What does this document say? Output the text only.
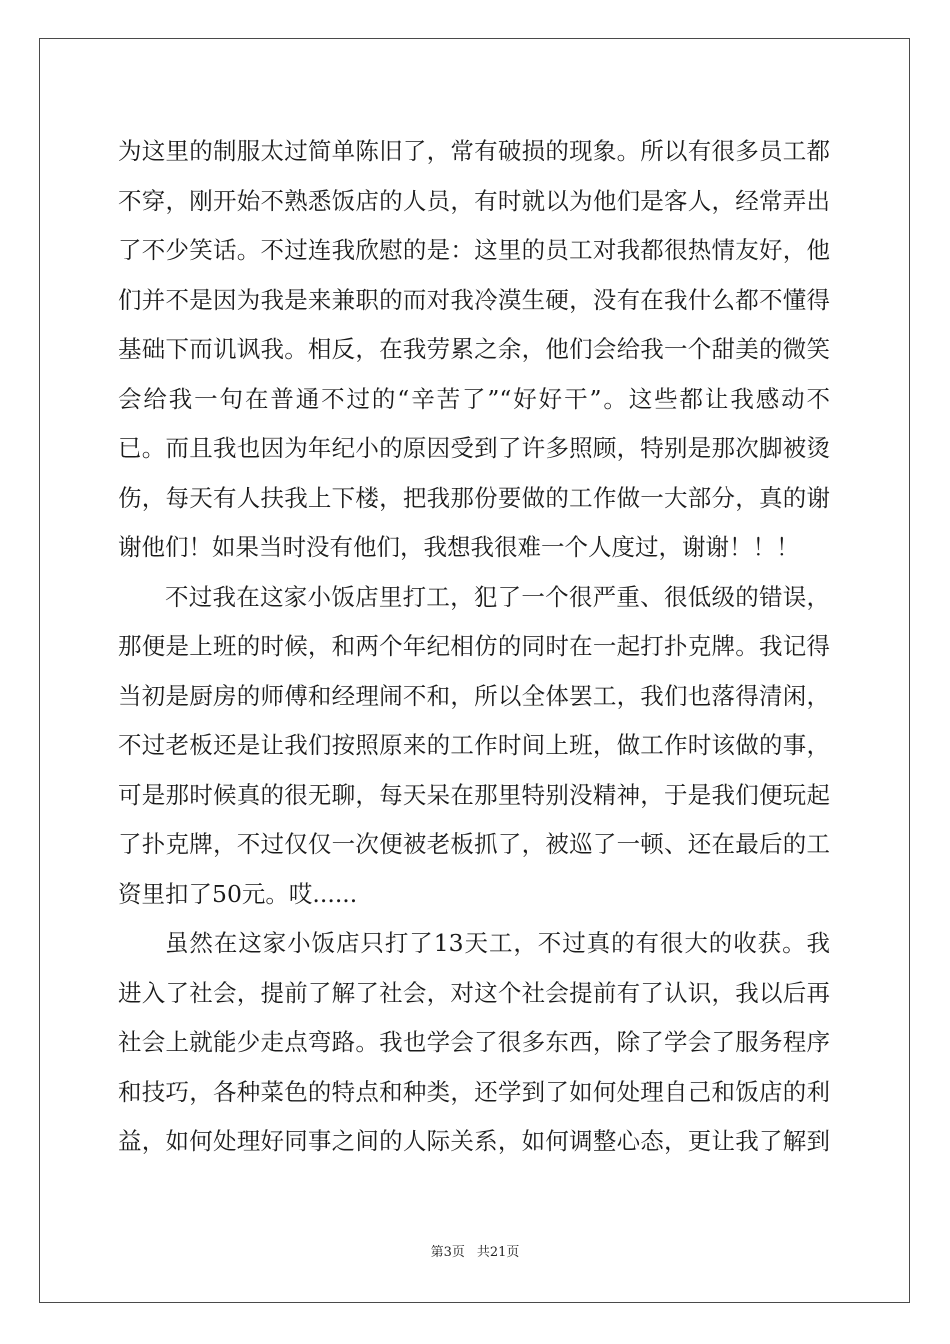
为这里的制服太过简单陈旧了，常有破损的现象。所以有很多员工都
不穿，刚开始不熟悉饭店的人员，有时就以为他们是客人，经常弄出
了不少笑话。不过连我欣慰的是：这里的员工对我都很热情友好，他
们并不是因为我是来兼职的而对我冷漠生硬，没有在我什么都不懂得
基础下而讥讽我。相反，在我劳累之余，他们会给我一个甜美的微笑
会给我一句在普通不过的“辛苦了”“好好干”。这些都让我感动不
已。而且我也因为年纪小的原因受到了许多照顾，特别是那次脚被烫
伤，每天有人扶我上下楼，把我那份要做的工作做一大部分，真的谢
谢他们！如果当时没有他们，我想我很难一个人度过，谢谢！！！
不过我在这家小饭店里打工，犯了一个很严重、很低级的错误，
那便是上班的时候，和两个年纪相仿的同时在一起打扑克牌。我记得
当初是厨房的师傅和经理闹不和，所以全体罢工，我们也落得清闲，
不过老板还是让我们按照原来的工作时间上班，做工作时该做的事，
可是那时候真的很无聊，每天呆在那里特别没精神，于是我们便玩起
了扑克牌，不过仅仅一次便被老板抓了，被巡了一顿、还在最后的工
资里扣了50元。哎......
虽然在这家小饭店只打了13天工，不过真的有很大的收获。我
进入了社会，提前了解了社会，对这个社会提前有了认识，我以后再
社会上就能少走点弯路。我也学会了很多东西，除了学会了服务程序
和技巧，各种菜色的特点和种类，还学到了如何处理自己和饭店的利
益，如何处理好同事之间的人际关系，如何调整心态，更让我了解到
第3页 共21页
